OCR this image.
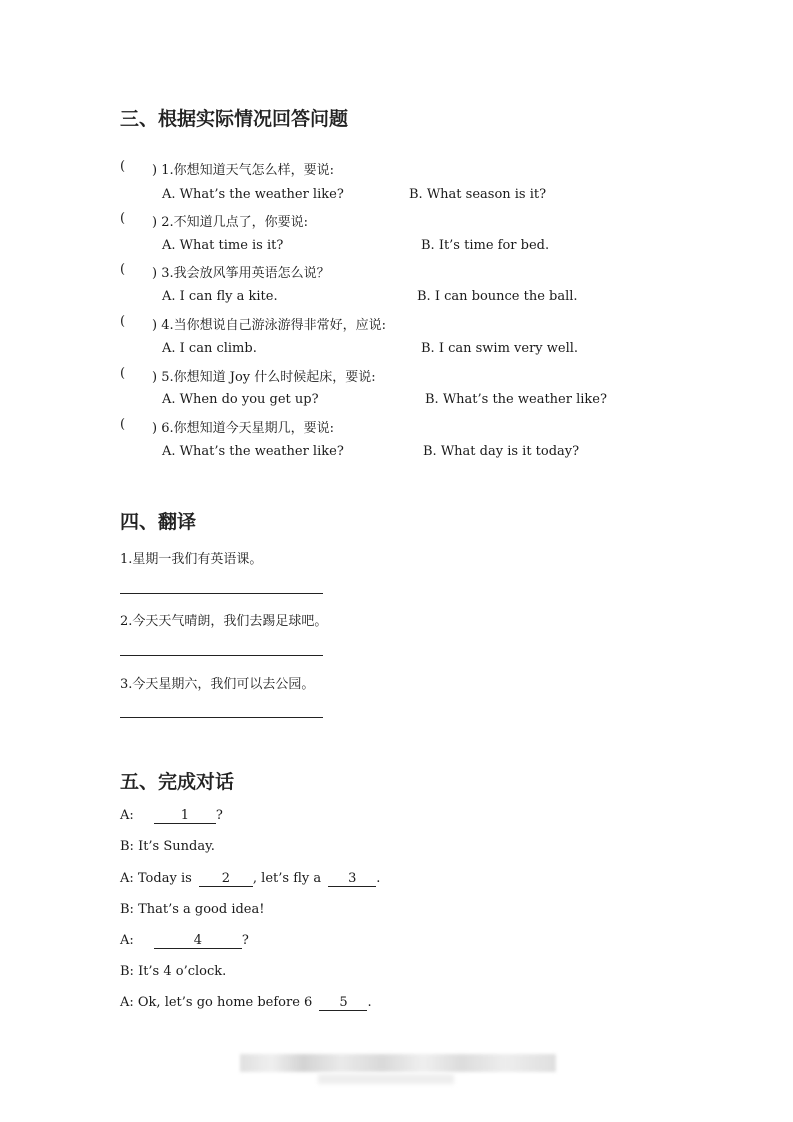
三、根据实际情况回答问题
( ) 1.你想知道天气怎么样，要说:
A. What’s the weather like?	B. What season is it?
( ) 2.不知道几点了，你要说:
A. What time is it?	B. It’s time for bed.
( ) 3.我会放风筝用英语怎么说？
A. I can fly a kite.	B. I can bounce the ball.
( ) 4.当你想说自己游泳游得非常好，应说:
A. I can climb.	B. I can swim very well.
( ) 5.你想知道 Joy 什么时候起床，要说:
A. When do you get up?	B. What’s the weather like?
( ) 6.你想知道今天星期几，要说:
A. What’s the weather like?	B. What day is it today?
四、翻译
1.星期一我们有英语课。
2.今天天气晴朗，我们去踢足球吧。
3.今天星期六，我们可以去公园。
五、完成对话
A:	1 ?
B: It’s Sunday.
A: Today is 2 , let’s fly a 3 .
B: That’s a good idea!
A:	4	?
B: It’s 4 o’clock.
A: Ok, let’s go home before 6 5 .
